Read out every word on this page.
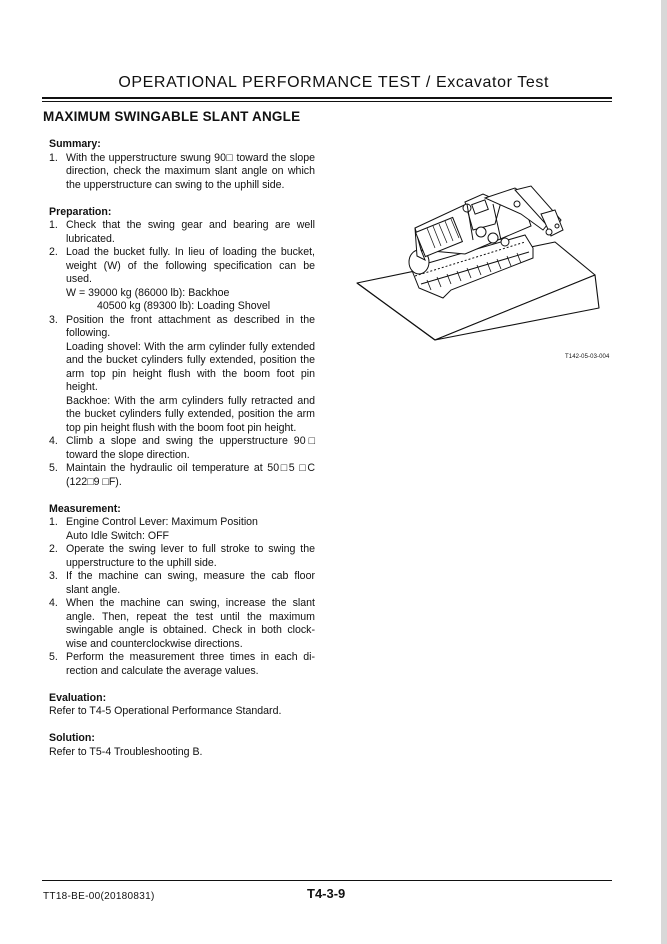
OPERATIONAL PERFORMANCE TEST / Excavator Test
MAXIMUM SWINGABLE SLANT ANGLE
Summary:
1. With the upperstructure swung 90□ toward the slope direction, check the maximum slant angle on which the upperstructure can swing to the uphill side.
Preparation:
1. Check that the swing gear and bearing are well lubricated.
2. Load the bucket fully. In lieu of loading the bucket, weight (W) of the following specification can be used.
W = 39000 kg (86000 lb): Backhoe
40500 kg (89300 lb): Loading Shovel
3. Position the front attachment as described in the following.
Loading shovel: With the arm cylinder fully extended and the bucket cylinders fully extended, position the arm top pin height flush with the boom foot pin height.
Backhoe: With the arm cylinders fully retracted and the bucket cylinders fully extended, position the arm top pin height flush with the boom foot pin height.
4. Climb a slope and swing the upperstructure 90□ toward the slope direction.
5. Maintain the hydraulic oil temperature at 50□5 □C (122□9 □F).
Measurement:
1. Engine Control Lever: Maximum Position
Auto Idle Switch: OFF
2. Operate the swing lever to full stroke to swing the upperstructure to the uphill side.
3. If the machine can swing, measure the cab floor slant angle.
4. When the machine can swing, increase the slant angle. Then, repeat the test until the maximum swingable angle is obtained. Check in both clock-wise and counterclockwise directions.
5. Perform the measurement three times in each di-rection and calculate the average values.
Evaluation:
Refer to T4-5 Operational Performance Standard.
Solution:
Refer to T5-4 Troubleshooting B.
T142-05-03-004
TT18-BE-00(20180831)	T4-3-9
